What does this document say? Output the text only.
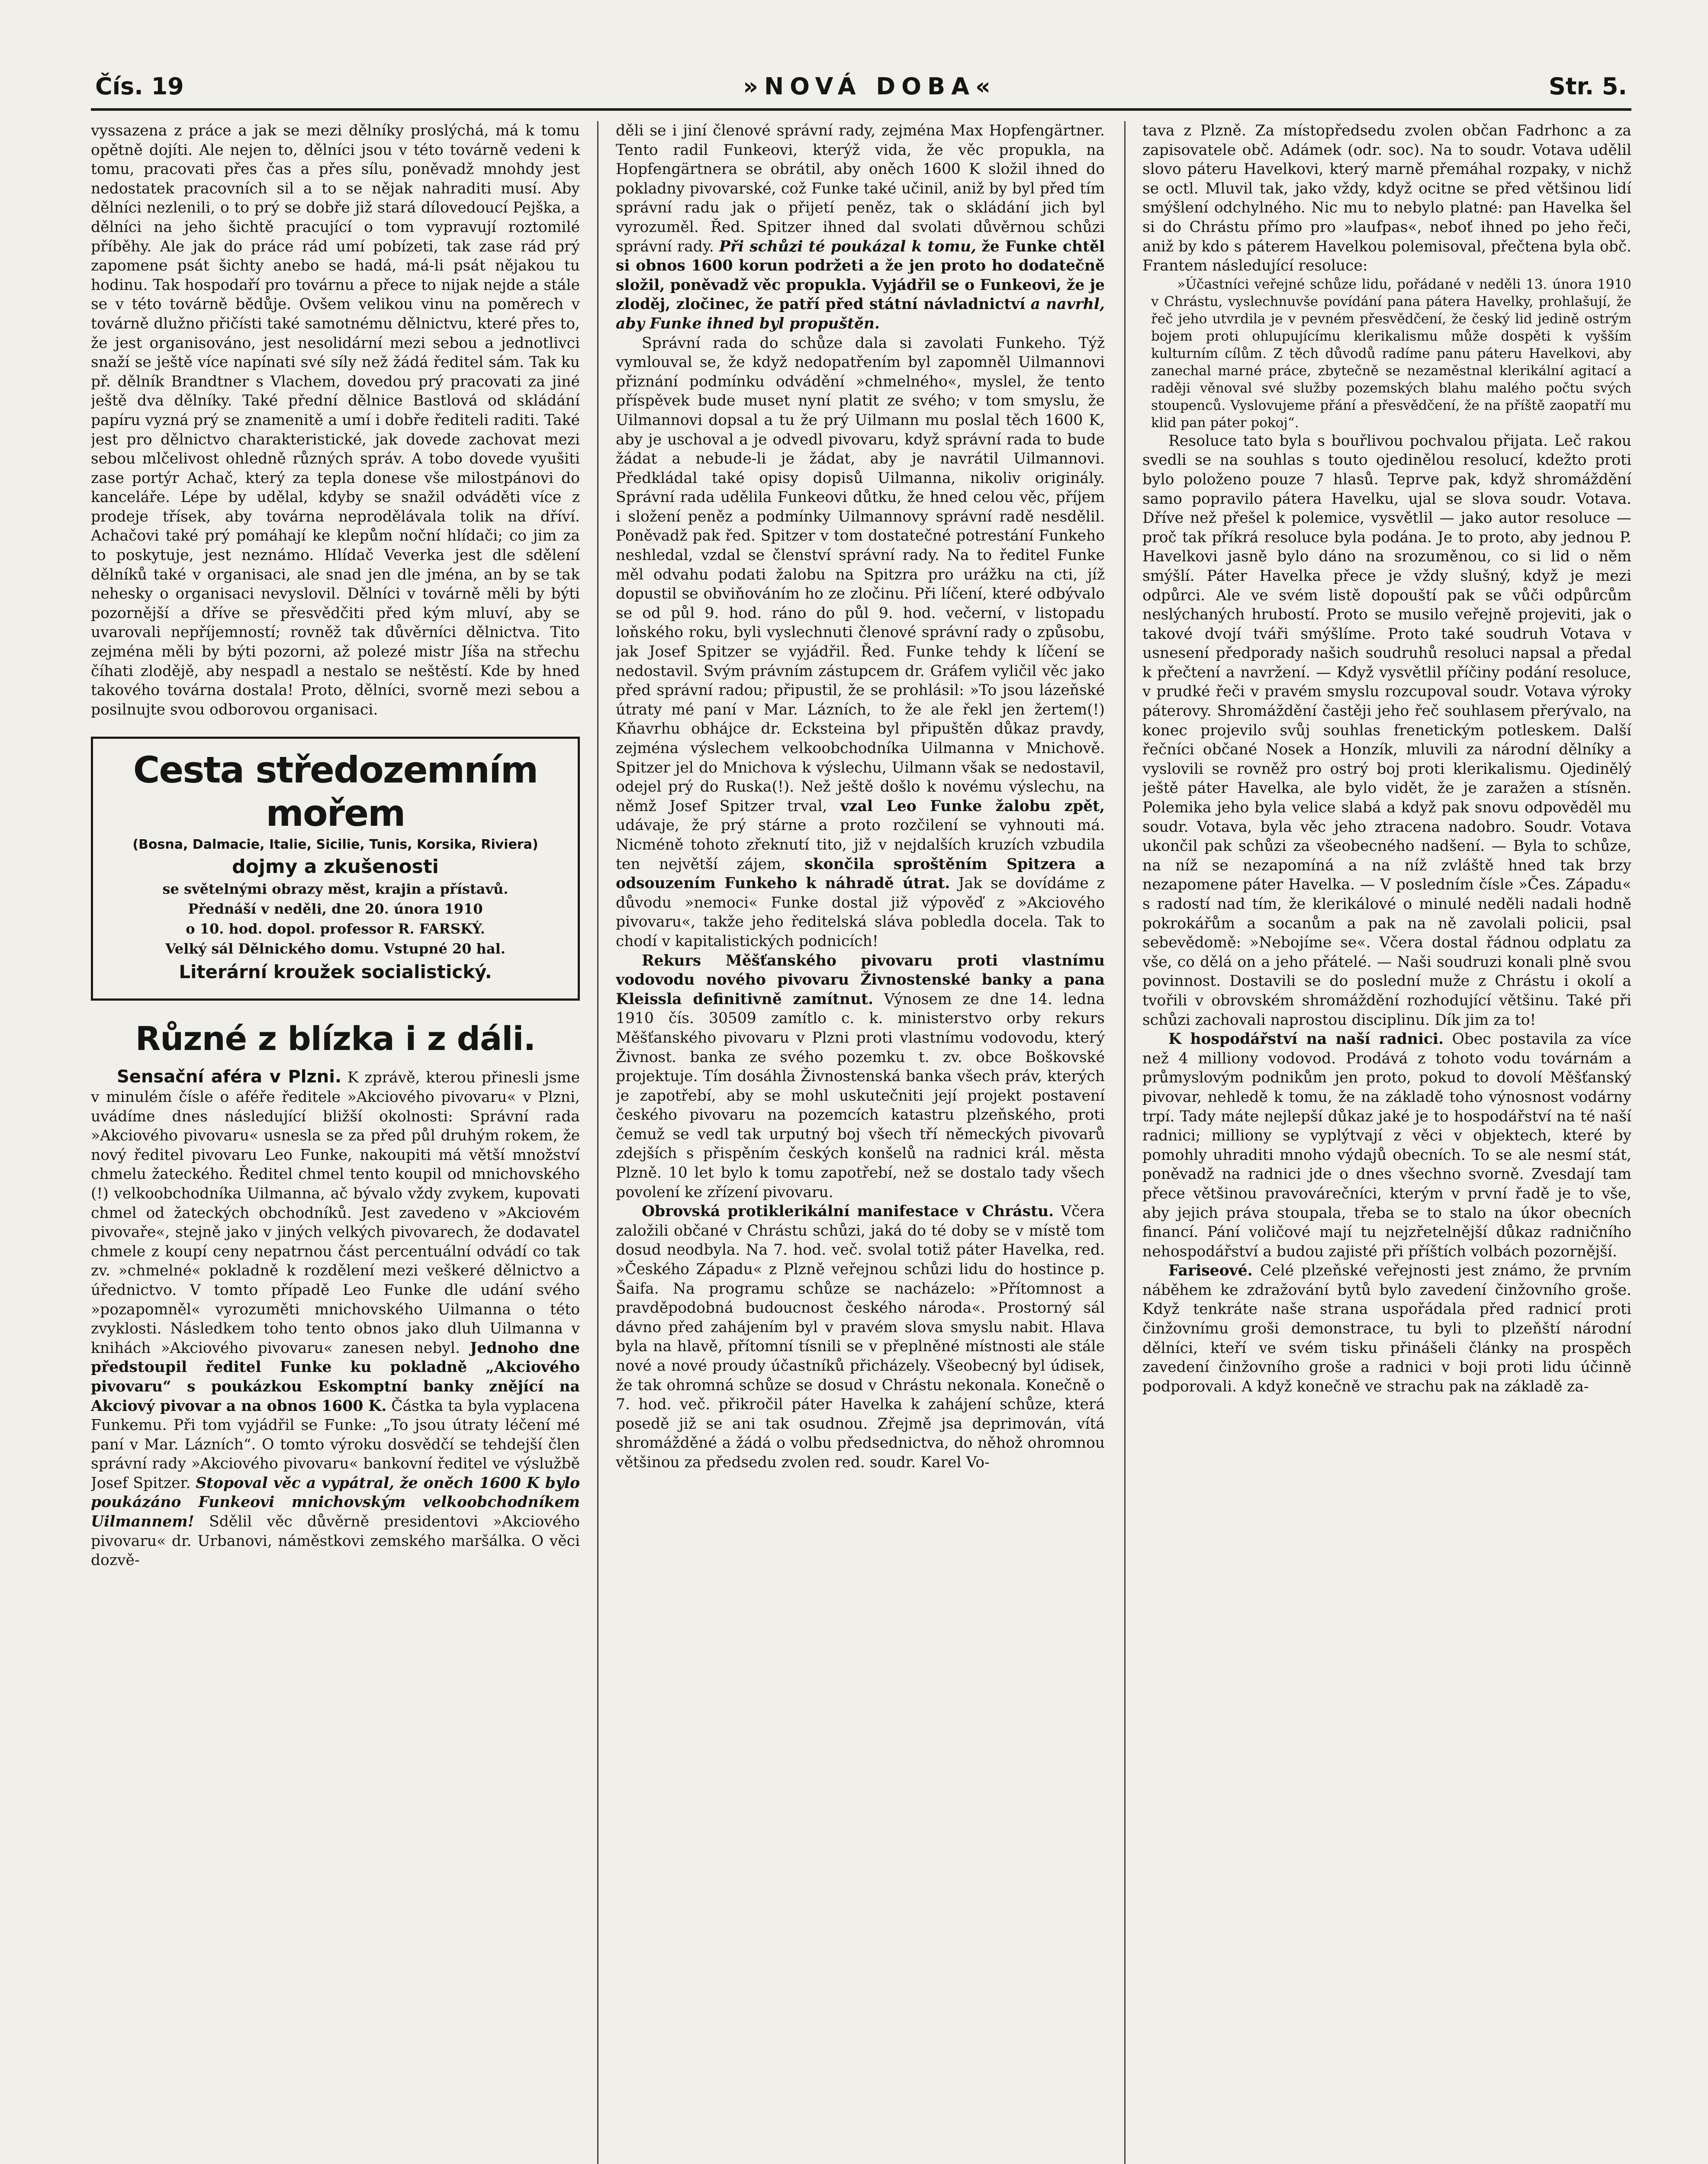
Čís. 19	»NOVÁ DOBA«	Str. 5.

vyssazena z práce a jak se mezi dělníky proslýchá, má k tomu opětně dojíti. Ale nejen to, dělníci jsou v této továrně vedeni k tomu, pracovati přes čas a přes sílu, poněvadž mnohdy jest nedostatek pracovních sil a to se nějak nahraditi musí. Aby dělníci nezlenili, o to prý se dobře již stará dílovedoucí Pejška, a dělníci na jeho šichtě pracující o tom vypravují roztomilé příběhy. Ale jak do práce rád umí pobízeti, tak zase rád prý zapomene psát šichty anebo se hadá, má-li psát nějakou tu hodinu. Tak hospodaří pro továrnu a přece to nijak nejde a stále se v této továrně bědůje. Ovšem velikou vinu na poměrech v továrně dlužno přičísti také samotnému dělnictvu, které přes to, že jest organisováno, jest nesolidární mezi sebou a jednotlivci snaží se ještě více napínati své síly než žádá ředitel sám. Tak ku př. dělník Brandtner s Vlachem, dovedou prý pracovati za jiné ještě dva dělníky. Také přední dělnice Bastlová od skládání papíru vyzná prý se znamenitě a umí i dobře řediteli raditi. Také jest pro dělnictvo charakteristické, jak dovede zachovat mezi sebou mlčelivost ohledně různých správ. A tobo dovede vyušiti zase portýr Achač, který za tepla donese vše milostpánovi do kanceláře. Lépe by udělal, kdyby se snažil odváděti více z prodeje třísek, aby továrna neprodělávala tolik na dříví. Achačovi také prý pomáhají ke klepům noční hlídači; co jim za to poskytuje, jest neznámo. Hlídač Veverka jest dle sdělení dělníků také v organisaci, ale snad jen dle jména, an by se tak nehesky o organisaci nevyslovil. Dělníci v továrně měli by býti pozornější a dříve se přesvědčiti před kým mluví, aby se uvarovali nepříjemností; rovněž tak důvěrníci dělnictva. Tito zejména měli by býti pozorni, až polezé mistr Jíša na střechu číhati zlodějě, aby nespadl a nestalo se neštěstí. Kde by hned takového továrna dostala! Proto, dělníci, svorně mezi sebou a posilnujte svou odborovou organisaci.

Cesta středozemním mořem
(Bosna, Dalmacie, Italie, Sicilie, Tunis, Korsika, Riviera)
dojmy a zkušenosti
se světelnými obrazy měst, krajin a přístavů.
Přednáší v neděli, dne 20. února 1910
o 10. hod. dopol. professor R. FARSKÝ.
Velký sál Dělnického domu. Vstupné 20 hal.
Literární kroužek socialistický.
Různé z blízka i z dáli.

Sensační aféra v Plzni. K zprávě, kterou přinesli jsme v minulém čísle o aféře ředitele »Akciového pivovaru« v Plzni, uvádíme dnes následující bližší okolnosti: Správní rada »Akciového pivovaru« usnesla se za před půl druhým rokem, že nový ředitel pivovaru Leo Funke, nakoupiti má větší množství chmelu žateckého. Ředitel chmel tento koupil od mnichovského (!) velkoobchodníka Uilmanna, ač bývalo vždy zvykem, kupovati chmel od žateckých obchodníků. Jest zavedeno v »Akciovém pivovaře«, stejně jako v jiných velkých pivovarech, že dodavatel chmele z koupí ceny nepatrnou část percentuální odvádí co tak zv. »chmelné« pokladně k rozdělení mezi veškeré dělnictvo a úřednictvo. V tomto případě Leo Funke dle udání svého »pozapomněl« vyrozuměti mnichovského Uilmanna o této zvyklosti. Následkem toho tento obnos jako dluh Uilmanna v knihách »Akciového pivovaru« zanesen nebyl. Jednoho dne předstoupil ředitel Funke ku pokladně „Akciového pivovaru“ s poukázkou Eskomptní banky znějící na Akciový pivovar a na obnos 1600 K. Částka ta byla vyplacena Funkemu. Při tom vyjádřil se Funke: „To jsou útraty léčení mé paní v Mar. Lázních“. O tomto výroku dosvědčí se tehdejší člen správní rady »Akciového pivovaru« bankovní ředitel ve výslužbě Josef Spitzer. Stopoval věc a vypátral, že oněch 1600 K bylo poukázáno Funkeovi mnichovským velkoobchodníkem Uilmannem! Sdělil věc důvěrně presidentovi »Akciového pivovaru« dr. Urbanovi, náměstkovi zemského maršálka. O věci dozvě-

děli se i jiní členové správní rady, zejména Max Hopfengärtner. Tento radil Funkeovi, kterýž vida, že věc propukla, na Hopfengärtnera se obrátil, aby oněch 1600 K složil ihned do pokladny pivovarské, což Funke také učinil, aniž by byl před tím správní radu jak o přijetí peněz, tak o skládání jich byl vyrozuměl. Řed. Spitzer ihned dal svolati důvěrnou schůzi správní rady. Při schůzi té poukázal k tomu, že Funke chtěl si obnos 1600 korun podržeti a že jen proto ho dodatečně složil, poněvadž věc propukla. Vyjádřil se o Funkeovi, že je zloděj, zločinec, že patří před státní návladnictví a navrhl, aby Funke ihned byl propuštěn.

Správní rada do schůze dala si zavolati Funkeho. Týž vymlouval se, že když nedopatřením byl zapomněl Uilmannovi přiznání podmínku odvádění »chmelného«, myslel, že tento příspěvek bude muset nyní platit ze svého; v tom smyslu, že Uilmannovi dopsal a tu že prý Uilmann mu poslal těch 1600 K, aby je uschoval a je odvedl pivovaru, když správní rada to bude žádat a nebude-li je žádat, aby je navrátil Uilmannovi. Předkládal také opisy dopisů Uilmanna, nikoliv originály. Správní rada udělila Funkeovi důtku, že hned celou věc, příjem i složení peněz a podmínky Uilmannovy správní radě nesdělil. Poněvadž pak řed. Spitzer v tom dostatečné potrestání Funkeho neshledal, vzdal se členství správní rady. Na to ředitel Funke měl odvahu podati žalobu na Spitzra pro urážku na cti, jíž dopustil se obviňováním ho ze zločinu. Při líčení, které odbývalo se od půl 9. hod. ráno do půl 9. hod. večerní, v listopadu loňského roku, byli vyslechnuti členové správní rady o způsobu, jak Josef Spitzer se vyjádřil. Řed. Funke tehdy k líčení se nedostavil. Svým právním zástupcem dr. Gráfem vyličil věc jako před správní radou; připustil, že se prohlásil: »To jsou lázeňské útraty mé paní v Mar. Lázních, to že ale řekl jen žertem(!) Kňavrhu obhájce dr. Ecksteina byl připuštěn důkaz pravdy, zejména výslechem velkoobchodníka Uilmanna v Mnichově. Spitzer jel do Mnichova k výslechu, Uilmann však se nedostavil, odejel prý do Ruska(!). Než ještě došlo k novému výslechu, na němž Josef Spitzer trval, vzal Leo Funke žalobu zpět, udávaje, že prý stárne a proto rozčilení se vyhnouti má. Nicméně tohoto zřeknutí tito, již v nejdalších kruzích vzbudila ten největší zájem, skončila sproštěním Spitzera a odsouzením Funkeho k náhradě útrat. Jak se dovídáme z důvodu »nemoci« Funke dostal již výpověď z »Akciového pivovaru«, takže jeho ředitelská sláva pobledla docela. Tak to chodí v kapitalistických podnicích!

Rekurs Měšťanského pivovaru proti vlastnímu vodovodu nového pivovaru Živnostenské banky a pana Kleissla definitivně zamítnut. Výnosem ze dne 14. ledna 1910 čís. 30509 zamítlo c. k. ministerstvo orby rekurs Měšťanského pivovaru v Plzni proti vlastnímu vodovodu, který Živnost. banka ze svého pozemku t. zv. obce Boškovské projektuje. Tím dosáhla Živnostenská banka všech práv, kterých je zapotřebí, aby se mohl uskutečniti její projekt postavení českého pivovaru na pozemcích katastru plzeňského, proti čemuž se vedl tak urputný boj všech tří německých pivovarů zdejších s přispěním českých konšelů na radnici král. města Plzně. 10 let bylo k tomu zapotřebí, než se dostalo tady všech povolení ke zřízení pivovaru.

Obrovská protiklerikální manifestace v Chrástu. Včera založili občané v Chrástu schůzi, jaká do té doby se v místě tom dosud neodbyla. Na 7. hod. več. svolal totiž páter Havelka, red. »Českého Západu« z Plzně veřejnou schůzi lidu do hostince p. Šaifa. Na programu schůze se nacházelo: »Přítomnost a pravděpodobná budoucnost českého národa«. Prostorný sál dávno před zahájením byl v pravém slova smyslu nabit. Hlava byla na hlavě, přítomní tísnili se v přeplněné místnosti ale stále nové a nové proudy účastníků přicházely. Všeobecný byl údisek, že tak ohromná schůze se dosud v Chrástu nekonala. Konečně o 7. hod. več. přikročil páter Havelka k zahájení schůze, která posedě již se ani tak osudnou. Zřejmě jsa deprimován, vítá shromážděné a žádá o volbu předsednictva, do něhož ohromnou většinou za předsedu zvolen red. soudr. Karel Vo-

tava z Plzně. Za místopředsedu zvolen občan Fadrhonc a za zapisovatele obč. Adámek (odr. soc). Na to soudr. Votava udělil slovo páteru Havelkovi, který marně přemáhal rozpaky, v nichž se octl. Mluvil tak, jako vždy, když ocitne se před většinou lidí smýšlení odchylného. Nic mu to nebylo platné: pan Havelka šel si do Chrástu přímo pro »laufpas«, neboť ihned po jeho řeči, aniž by kdo s páterem Havelkou polemisoval, přečtena byla obč. Frantem následující resoluce:

»Účastníci veřejné schůze lidu, pořádané v neděli 13. února 1910 v Chrástu, vyslechnuvše povídání pana pátera Havelky, prohlašují, že řeč jeho utvrdila je v pevném přesvědčení, že český lid jedině ostrým bojem proti ohlupujícímu klerikalismu může dospěti k vyšším kulturním cílům. Z těch důvodů radíme panu páteru Havelkovi, aby zanechal marné práce, zbytečně se nezaměstnal klerikální agitací a raději věnoval své služby pozemských blahu malého počtu svých stoupenců. Vyslovujeme přání a přesvědčení, že na příště zaopatří mu klid pan páter pokoj“.

Resoluce tato byla s bouřlivou pochvalou přijata. Leč rakou svedli se na souhlas s touto ojedinělou resolucí, kdežto proti bylo položeno pouze 7 hlasů. Teprve pak, když shromáždění samo popravilo pátera Havelku, ujal se slova soudr. Votava. Dříve než přešel k polemice, vysvětlil — jako autor resoluce — proč tak příkrá resoluce byla podána. Je to proto, aby jednou P. Havelkovi jasně bylo dáno na srozuměnou, co si lid o něm smýšlí. Páter Havelka přece je vždy slušný, když je mezi odpůrci. Ale ve svém listě dopouští pak se vůči odpůrcům neslýchaných hrubostí. Proto se musilo veřejně projeviti, jak o takové dvojí tváři smýšlíme. Proto také soudruh Votava v usnesení předporady našich soudruhů resoluci napsal a předal k přečtení a navržení. — Když vysvětlil příčiny podání resoluce, v prudké řeči v pravém smyslu rozcupoval soudr. Votava výroky páterovy. Shromáždění častěji jeho řeč souhlasem přerývalo, na konec projevilo svůj souhlas frenetickým potleskem. Další řečníci občané Nosek a Honzík, mluvili za národní dělníky a vyslovili se rovněž pro ostrý boj proti klerikalismu. Ojedinělý ještě páter Havelka, ale bylo vidět, že je zaražen a stísněn. Polemika jeho byla velice slabá a když pak snovu odpověděl mu soudr. Votava, byla věc jeho ztracena nadobro. Soudr. Votava ukončil pak schůzi za všeobecného nadšení. — Byla to schůze, na níž se nezapomíná a na níž zvláště hned tak brzy nezapomene páter Havelka. — V posledním čísle »Čes. Západu« s radostí nad tím, že klerikálové o minulé neděli nadali hodně pokrokářům a socanům a pak na ně zavolali policii, psal sebevědomě: »Nebojíme se«. Včera dostal řádnou odplatu za vše, co dělá on a jeho přátelé. — Naši soudruzi konali plně svou povinnost. Dostavili se do poslední muže z Chrástu i okolí a tvořili v obrovském shromáždění rozhodující většinu. Také při schůzi zachovali naprostou disciplinu. Dík jim za to!

K hospodářství na naší radnici. Obec postavila za více než 4 milliony vodovod. Prodává z tohoto vodu továrnám a průmyslovým podnikům jen proto, pokud to dovolí Měšťanský pivovar, nehledě k tomu, že na základě toho výnosnost vodárny trpí. Tady máte nejlepší důkaz jaké je to hospodářství na té naší radnici; milliony se vyplýtvají z věci v objektech, které by pomohly uhraditi mnoho výdajů obecních. To se ale nesmí stát, poněvadž na radnici jde o dnes všechno svorně. Zvesdají tam přece většinou pravovárečníci, kterým v první řadě je to vše, aby jejich práva stoupala, třeba se to stalo na úkor obecních financí. Pání voličové mají tu nejzřetelnější důkaz radničního nehospodářství a budou zajisté při příštích volbách pozornější.

Fariseové. Celé plzeňské veřejnosti jest známo, že prvním náběhem ke zdražování bytů bylo zavedení činžovního groše. Když tenkráte naše strana uspořádala před radnicí proti činžovnímu groši demonstrace, tu byli to plzeňští národní dělníci, kteří ve svém tisku přinášeli články na prospěch zavedení činžovního groše a radnici v boji proti lidu účinně podporovali. A když konečně ve strachu pak na základě za-
